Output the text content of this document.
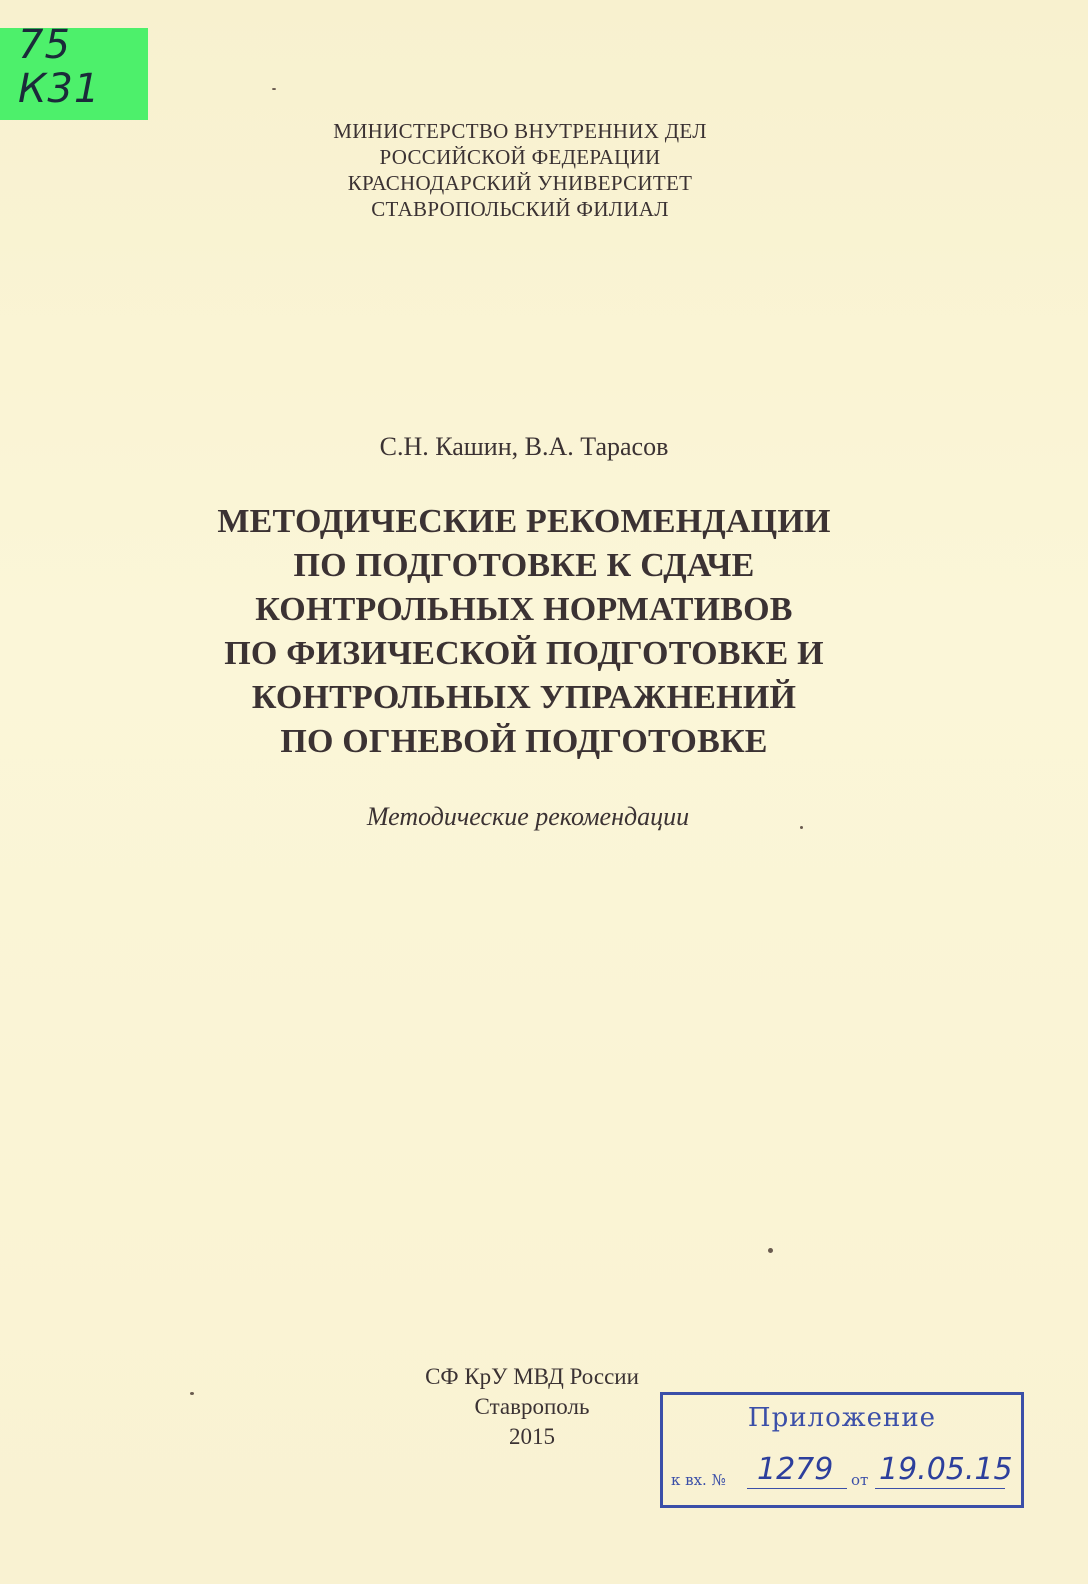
75
К31
МИНИСТЕРСТВО ВНУТРЕННИХ ДЕЛ
РОССИЙСКОЙ ФЕДЕРАЦИИ
КРАСНОДАРСКИЙ УНИВЕРСИТЕТ
СТАВРОПОЛЬСКИЙ ФИЛИАЛ
С.Н. Кашин, В.А. Тарасов
МЕТОДИЧЕСКИЕ РЕКОМЕНДАЦИИ
ПО ПОДГОТОВКЕ К СДАЧЕ
КОНТРОЛЬНЫХ НОРМАТИВОВ
ПО ФИЗИЧЕСКОЙ ПОДГОТОВКЕ И
КОНТРОЛЬНЫХ УПРАЖНЕНИЙ
ПО ОГНЕВОЙ ПОДГОТОВКЕ
Методические рекомендации
СФ КрУ МВД России
Ставрополь
2015
Приложение
к вх. № 1279 от 19.05.15
